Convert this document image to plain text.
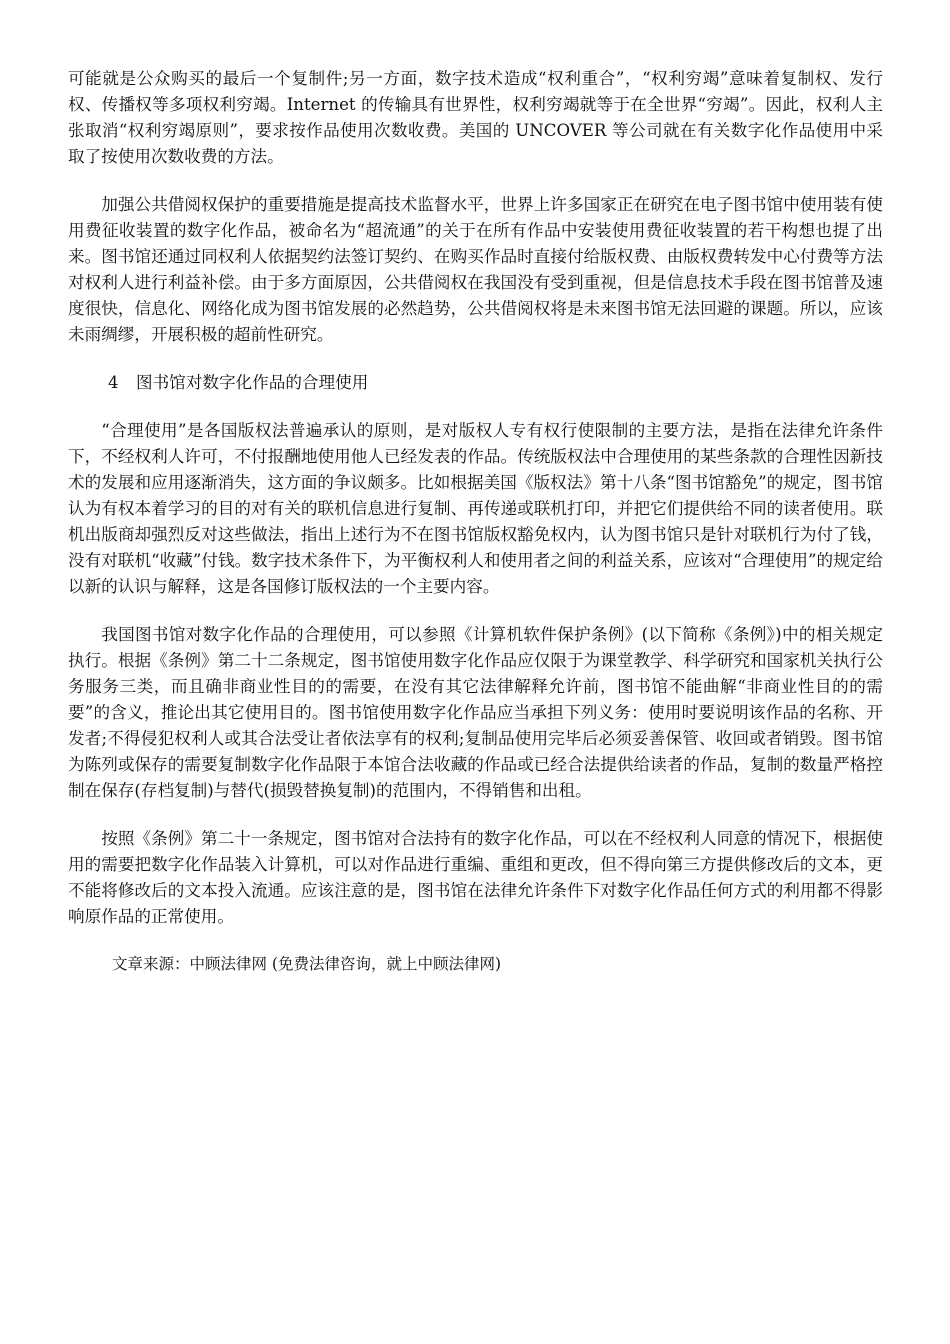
可能就是公众购买的最后一个复制件;另一方面，数字技术造成“权利重合”，“权利穷竭”意味着复制权、发行权、传播权等多项权利穷竭。Internet 的传输具有世界性，权利穷竭就等于在全世界“穷竭”。因此，权利人主张取消“权利穷竭原则”，要求按作品使用次数收费。美国的 UNCOVER 等公司就在有关数字化作品使用中采取了按使用次数收费的方法。

加强公共借阅权保护的重要措施是提高技术监督水平，世界上许多国家正在研究在电子图书馆中使用装有使用费征收装置的数字化作品，被命名为“超流通”的关于在所有作品中安装使用费征收装置的若干构想也提了出来。图书馆还通过同权利人依据契约法签订契约、在购买作品时直接付给版权费、由版权费转发中心付费等方法对权利人进行利益补偿。由于多方面原因，公共借阅权在我国没有受到重视，但是信息技术手段在图书馆普及速度很快，信息化、网络化成为图书馆发展的必然趋势，公共借阅权将是未来图书馆无法回避的课题。所以，应该未雨绸缪，开展积极的超前性研究。

4 图书馆对数字化作品的合理使用

“合理使用”是各国版权法普遍承认的原则，是对版权人专有权行使限制的主要方法，是指在法律允许条件下，不经权利人许可，不付报酬地使用他人已经发表的作品。传统版权法中合理使用的某些条款的合理性因新技术的发展和应用逐渐消失，这方面的争议颇多。比如根据美国《版权法》第十八条“图书馆豁免”的规定，图书馆认为有权本着学习的目的对有关的联机信息进行复制、再传递或联机打印，并把它们提供给不同的读者使用。联机出版商却强烈反对这些做法，指出上述行为不在图书馆版权豁免权内，认为图书馆只是针对联机行为付了钱，没有对联机“收藏”付钱。数字技术条件下，为平衡权利人和使用者之间的利益关系，应该对“合理使用”的规定给以新的认识与解释，这是各国修订版权法的一个主要内容。

我国图书馆对数字化作品的合理使用，可以参照《计算机软件保护条例》(以下简称《条例》)中的相关规定执行。根据《条例》第二十二条规定，图书馆使用数字化作品应仅限于为课堂教学、科学研究和国家机关执行公务服务三类，而且确非商业性目的的需要，在没有其它法律解释允许前，图书馆不能曲解“非商业性目的的需要”的含义，推论出其它使用目的。图书馆使用数字化作品应当承担下列义务：使用时要说明该作品的名称、开发者;不得侵犯权利人或其合法受让者依法享有的权利;复制品使用完毕后必须妥善保管、收回或者销毁。图书馆为陈列或保存的需要复制数字化作品限于本馆合法收藏的作品或已经合法提供给读者的作品，复制的数量严格控制在保存(存档复制)与替代(损毁替换复制)的范围内，不得销售和出租。

按照《条例》第二十一条规定，图书馆对合法持有的数字化作品，可以在不经权利人同意的情况下，根据使用的需要把数字化作品装入计算机，可以对作品进行重编、重组和更改，但不得向第三方提供修改后的文本，更不能将修改后的文本投入流通。应该注意的是，图书馆在法律允许条件下对数字化作品任何方式的利用都不得影响原作品的正常使用。

文章来源：中顾法律网 (免费法律咨询，就上中顾法律网)
